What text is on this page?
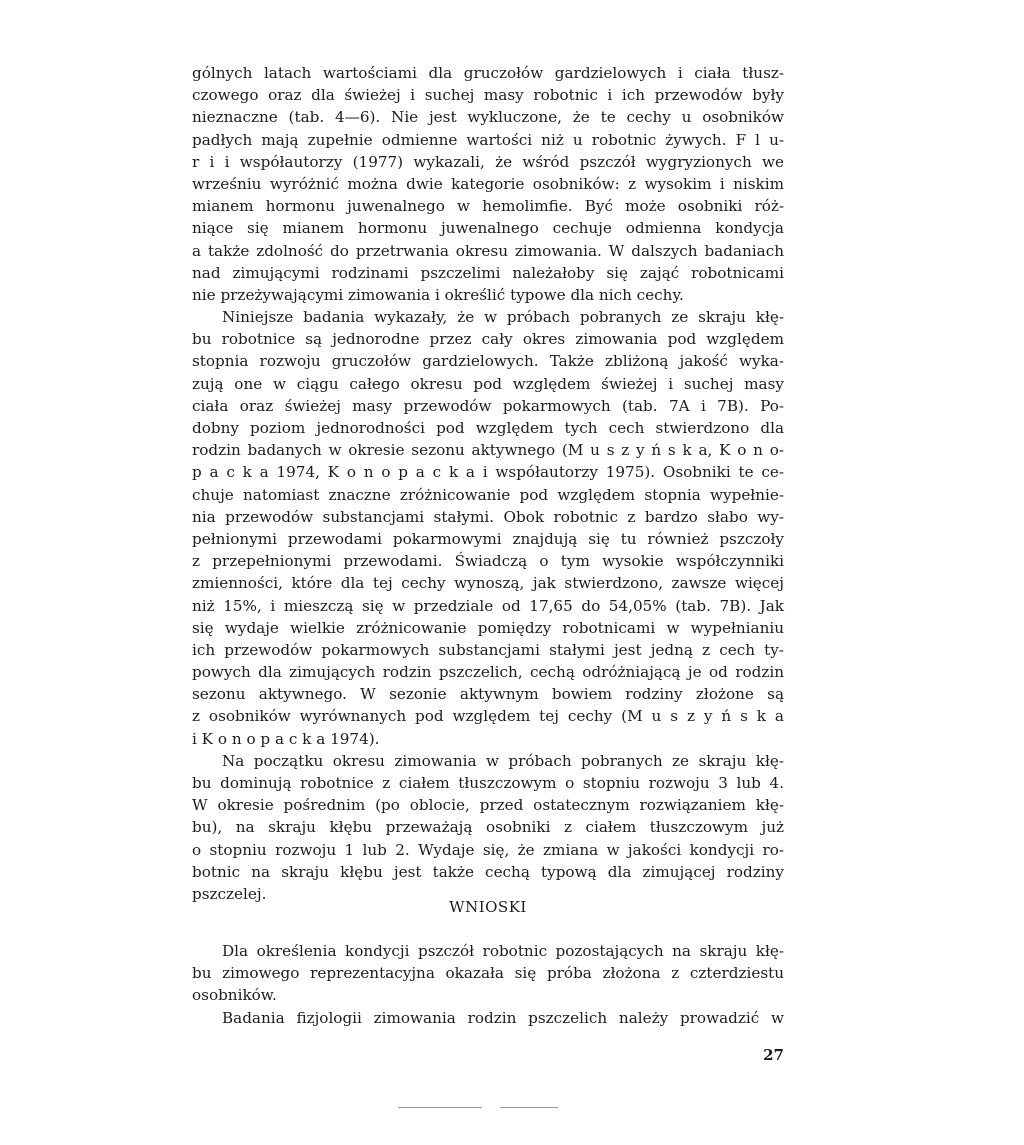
gólnych latach wartościami dla gruczołów gardzielowych i ciała tłusz-
czowego oraz dla świeżej i suchej masy robotnic i ich przewodów były
nieznaczne (tab. 4—6). Nie jest wykluczone, że te cechy u osobników
padłych mają zupełnie odmienne wartości niż u robotnic żywych. F l u-
r i i współautorzy (1977) wykazali, że wśród pszczół wygryzionych we
wrześniu wyróżnić można dwie kategorie osobników: z wysokim i niskim
mianem hormonu juwenalnego w hemolimfie. Być może osobniki róż-
niące się mianem hormonu juwenalnego cechuje odmienna kondycja
a także zdolność do przetrwania okresu zimowania. W dalszych badaniach
nad zimującymi rodzinami pszczelimi należałoby się zająć robotnicami
nie przeżywającymi zimowania i określić typowe dla nich cechy.
Niniejsze badania wykazały, że w próbach pobranych ze skraju kłę-
bu robotnice są jednorodne przez cały okres zimowania pod względem
stopnia rozwoju gruczołów gardzielowych. Także zbliżoną jakość wyka-
zują one w ciągu całego okresu pod względem świeżej i suchej masy
ciała oraz świeżej masy przewodów pokarmowych (tab. 7A i 7B). Po-
dobny poziom jednorodności pod względem tych cech stwierdzono dla
rodzin badanych w okresie sezonu aktywnego (M u s z y ń s k a, K o n o-
p a c k a 1974, K o n o p a c k a i współautorzy 1975). Osobniki te ce-
chuje natomiast znaczne zróżnicowanie pod względem stopnia wypełnie-
nia przewodów substancjami stałymi. Obok robotnic z bardzo słabo wy-
pełnionymi przewodami pokarmowymi znajdują się tu również pszczoły
z przepełnionymi przewodami. Świadczą o tym wysokie współczynniki
zmienności, które dla tej cechy wynoszą, jak stwierdzono, zawsze więcej
niż 15%, i mieszczą się w przedziale od 17,65 do 54,05% (tab. 7B). Jak
się wydaje wielkie zróżnicowanie pomiędzy robotnicami w wypełnianiu
ich przewodów pokarmowych substancjami stałymi jest jedną z cech ty-
powych dla zimujących rodzin pszczelich, cechą odróżniającą je od rodzin
sezonu aktywnego. W sezonie aktywnym bowiem rodziny złożone są
z osobników wyrównanych pod względem tej cechy (M u s z y ń s k a
i K o n o p a c k a 1974).
Na początku okresu zimowania w próbach pobranych ze skraju kłę-
bu dominują robotnice z ciałem tłuszczowym o stopniu rozwoju 3 lub 4.
W okresie pośrednim (po oblocie, przed ostatecznym rozwiązaniem kłę-
bu), na skraju kłębu przeważają osobniki z ciałem tłuszczowym już
o stopniu rozwoju 1 lub 2. Wydaje się, że zmiana w jakości kondycji ro-
botnic na skraju kłębu jest także cechą typową dla zimującej rodziny
pszczelej.
WNIOSKI
Dla określenia kondycji pszczół robotnic pozostających na skraju kłę-
bu zimowego reprezentacyjna okazała się próba złożona z czterdziestu
osobników.
Badania fizjologii zimowania rodzin pszczelich należy prowadzić w
27
